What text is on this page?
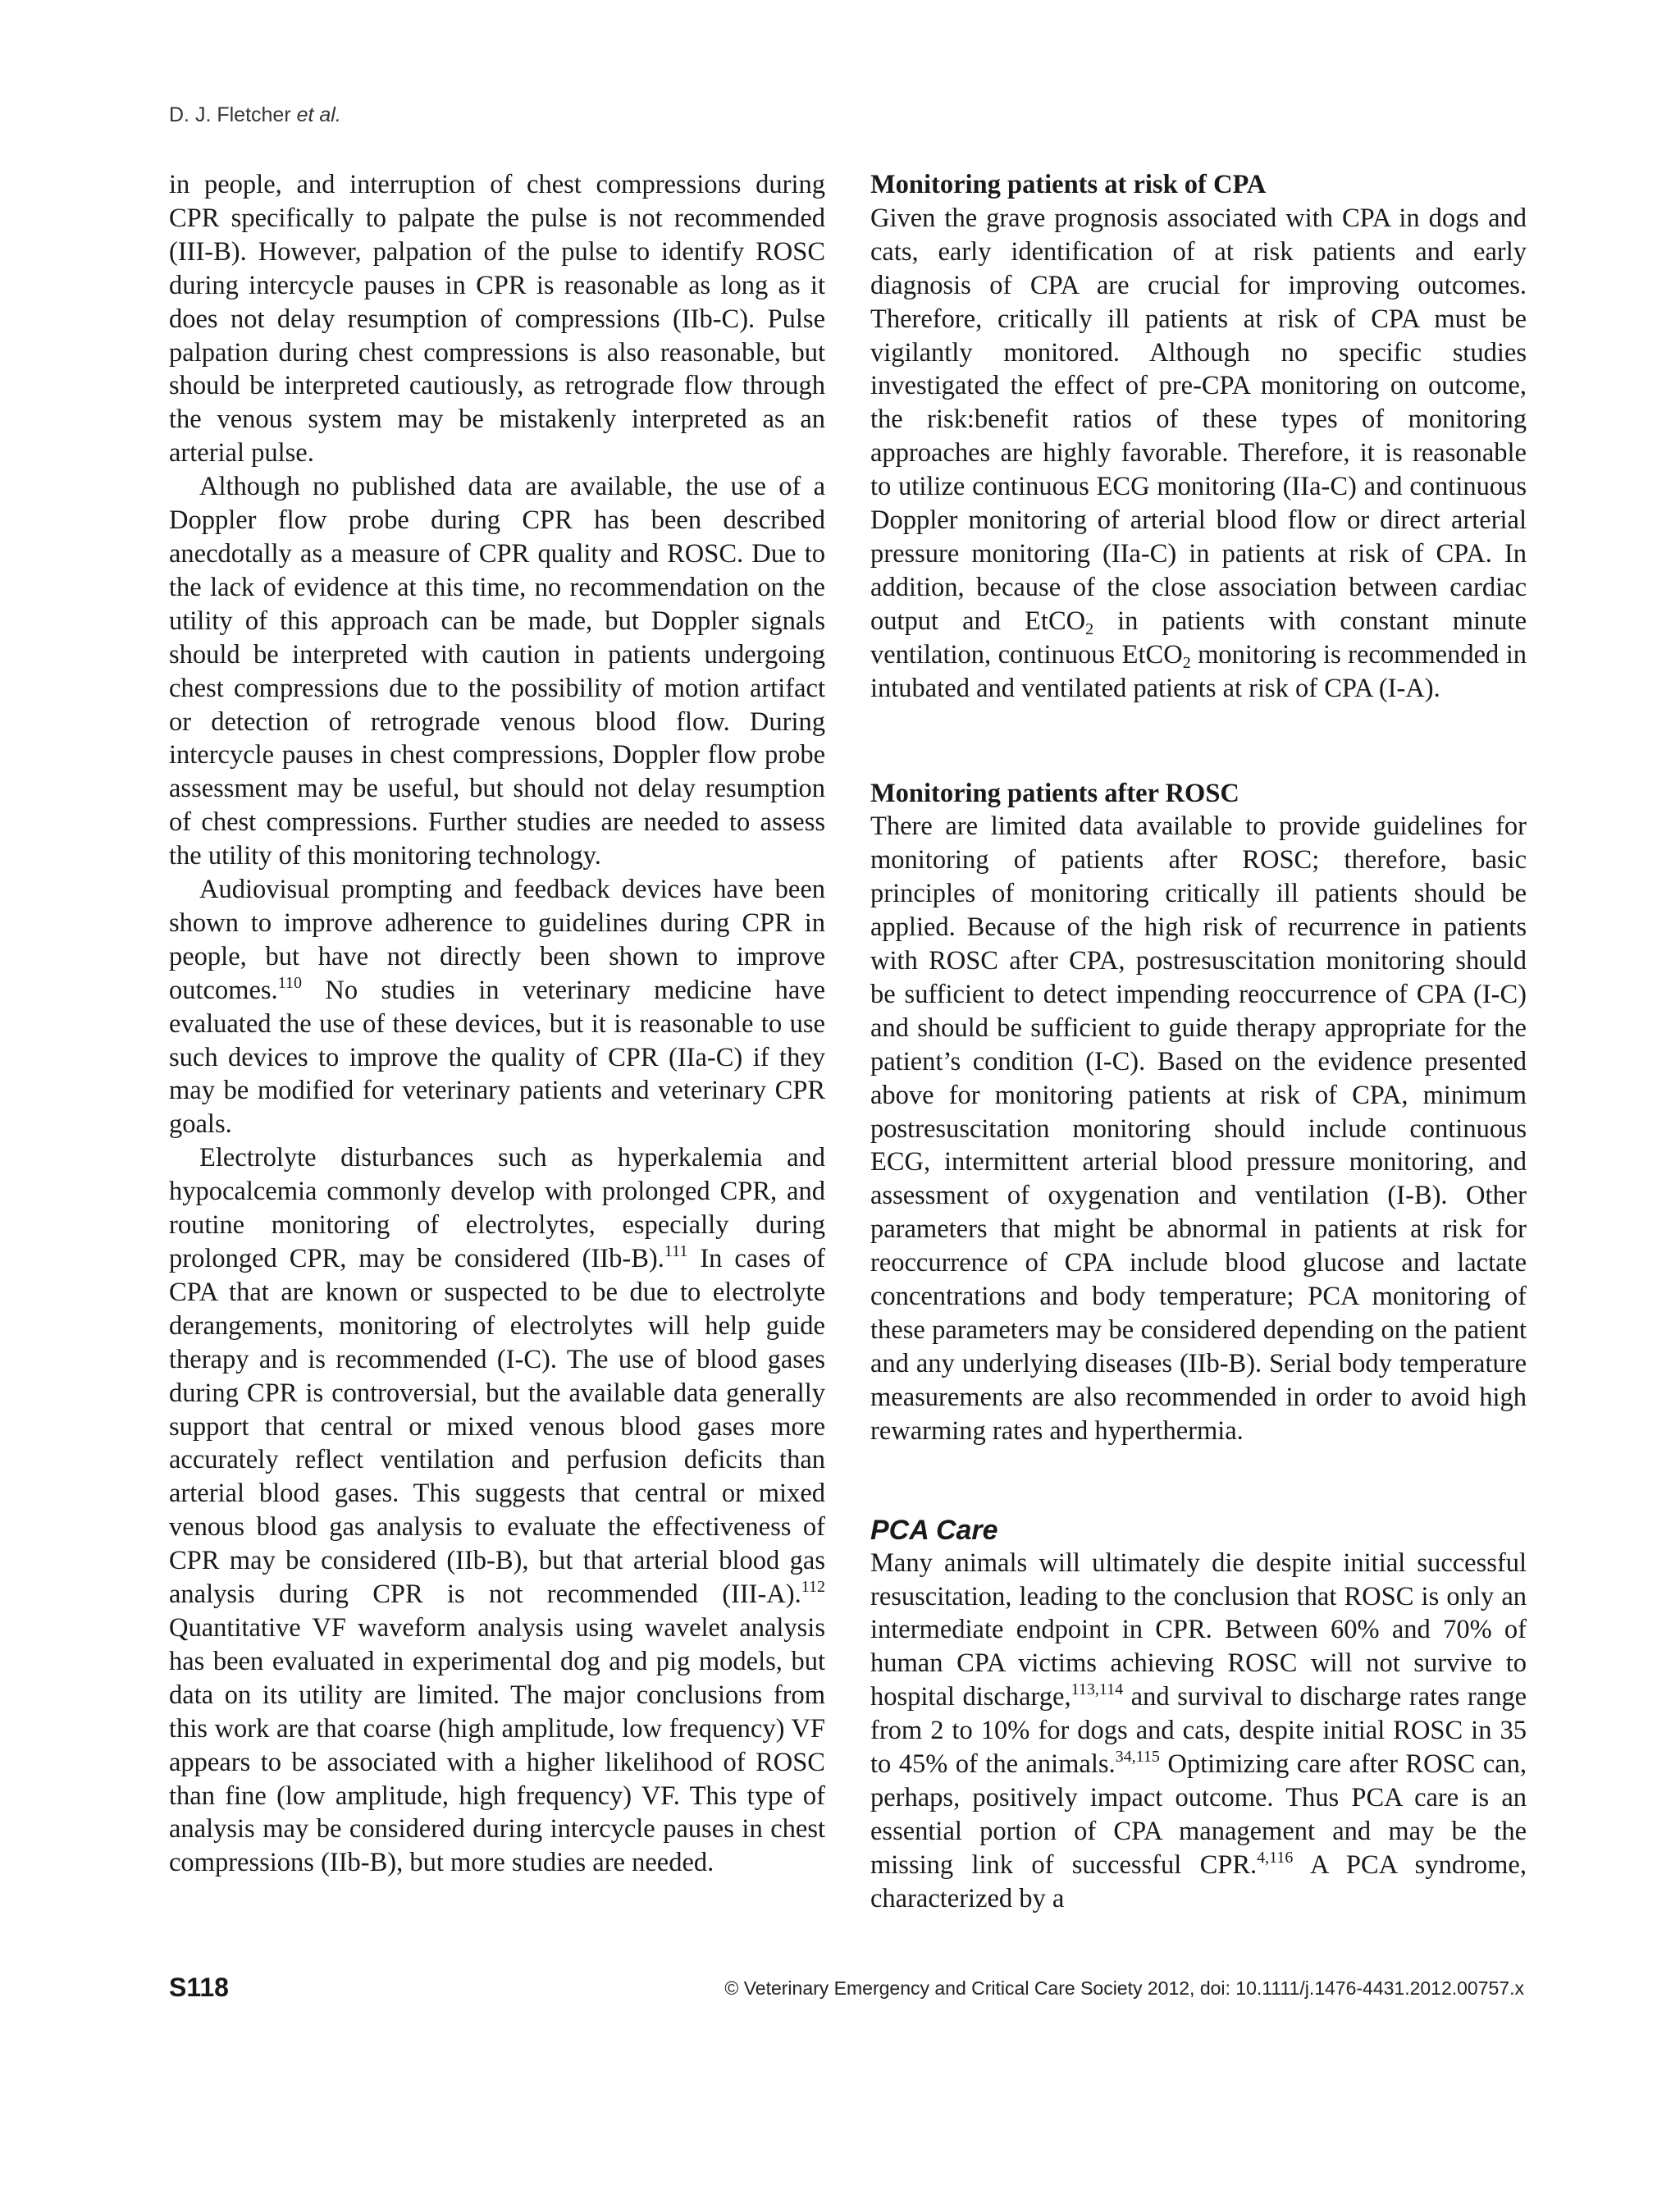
D. J. Fletcher et al.

in people, and interruption of chest compressions during CPR specifically to palpate the pulse is not recommended (III-B). However, palpation of the pulse to identify ROSC during intercycle pauses in CPR is reasonable as long as it does not delay resumption of compressions (IIb-C). Pulse palpation during chest compressions is also reasonable, but should be interpreted cautiously, as retrograde flow through the venous system may be mistakenly interpreted as an arterial pulse.

Although no published data are available, the use of a Doppler flow probe during CPR has been described anecdotally as a measure of CPR quality and ROSC. Due to the lack of evidence at this time, no recommendation on the utility of this approach can be made, but Doppler signals should be interpreted with caution in patients undergoing chest compressions due to the possibility of motion artifact or detection of retrograde venous blood flow. During intercycle pauses in chest compressions, Doppler flow probe assessment may be useful, but should not delay resumption of chest compressions. Further studies are needed to assess the utility of this monitoring technology.

Audiovisual prompting and feedback devices have been shown to improve adherence to guidelines during CPR in people, but have not directly been shown to improve outcomes.$^{110}$ No studies in veterinary medicine have evaluated the use of these devices, but it is reasonable to use such devices to improve the quality of CPR (IIa-C) if they may be modified for veterinary patients and veterinary CPR goals.

Electrolyte disturbances such as hyperkalemia and hypocalcemia commonly develop with prolonged CPR, and routine monitoring of electrolytes, especially during prolonged CPR, may be considered (IIb-B).$^{111}$ In cases of CPA that are known or suspected to be due to electrolyte derangements, monitoring of electrolytes will help guide therapy and is recommended (I-C). The use of blood gases during CPR is controversial, but the available data generally support that central or mixed venous blood gases more accurately reflect ventilation and perfusion deficits than arterial blood gases. This suggests that central or mixed venous blood gas analysis to evaluate the effectiveness of CPR may be considered (IIb-B), but that arterial blood gas analysis during CPR is not recommended (III-A).$^{112}$ Quantitative VF waveform analysis using wavelet analysis has been evaluated in experimental dog and pig models, but data on its utility are limited. The major conclusions from this work are that coarse (high amplitude, low frequency) VF appears to be associated with a higher likelihood of ROSC than fine (low amplitude, high frequency) VF. This type of analysis may be considered during intercycle pauses in chest compressions (IIb-B), but more studies are needed.

Monitoring patients at risk of CPA

Given the grave prognosis associated with CPA in dogs and cats, early identification of at risk patients and early diagnosis of CPA are crucial for improving outcomes. Therefore, critically ill patients at risk of CPA must be vigilantly monitored. Although no specific studies investigated the effect of pre-CPA monitoring on outcome, the risk:benefit ratios of these types of monitoring approaches are highly favorable. Therefore, it is reasonable to utilize continuous ECG monitoring (IIa-C) and continuous Doppler monitoring of arterial blood flow or direct arterial pressure monitoring (IIa-C) in patients at risk of CPA. In addition, because of the close association between cardiac output and EtCO$_2$ in patients with constant minute ventilation, continuous EtCO$_2$ monitoring is recommended in intubated and ventilated patients at risk of CPA (I-A).

Monitoring patients after ROSC

There are limited data available to provide guidelines for monitoring of patients after ROSC; therefore, basic principles of monitoring critically ill patients should be applied. Because of the high risk of recurrence in patients with ROSC after CPA, postresuscitation monitoring should be sufficient to detect impending reoccurrence of CPA (I-C) and should be sufficient to guide therapy appropriate for the patient’s condition (I-C). Based on the evidence presented above for monitoring patients at risk of CPA, minimum postresuscitation monitoring should include continuous ECG, intermittent arterial blood pressure monitoring, and assessment of oxygenation and ventilation (I-B). Other parameters that might be abnormal in patients at risk for reoccurrence of CPA include blood glucose and lactate concentrations and body temperature; PCA monitoring of these parameters may be considered depending on the patient and any underlying diseases (IIb-B). Serial body temperature measurements are also recommended in order to avoid high rewarming rates and hyperthermia.

PCA Care

Many animals will ultimately die despite initial successful resuscitation, leading to the conclusion that ROSC is only an intermediate endpoint in CPR. Between 60% and 70% of human CPA victims achieving ROSC will not survive to hospital discharge,$^{113,114}$ and survival to discharge rates range from 2 to 10% for dogs and cats, despite initial ROSC in 35 to 45% of the animals.$^{34,115}$ Optimizing care after ROSC can, perhaps, positively impact outcome. Thus PCA care is an essential portion of CPA management and may be the missing link of successful CPR.$^{4,116}$ A PCA syndrome, characterized by a

S118	© Veterinary Emergency and Critical Care Society 2012, doi: 10.1111/j.1476-4431.2012.00757.x
